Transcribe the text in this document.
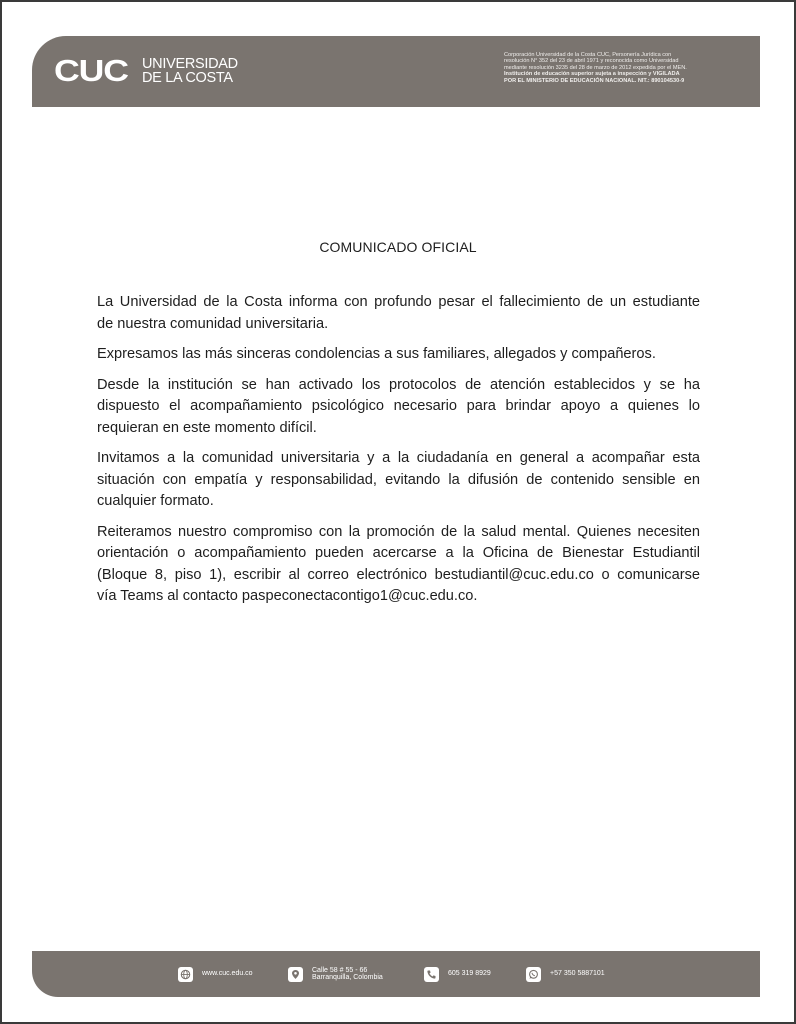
CUC UNIVERSIDAD
DE LA COSTA
Corporación Universidad de la Costa CUC, Personería Jurídica con
resolución N° 352 del 23 de abril 1971 y reconocida como Universidad
mediante resolución 3235 del 28 de marzo de 2012 expedida por el MEN.
Institución de educación superior sujeta a inspección y VIGILADA
POR EL MINISTERIO DE EDUCACIÓN NACIONAL. NIT.: 890104530-9
COMUNICADO OFICIAL

La Universidad de la Costa informa con profundo pesar el fallecimiento de un estudiante
de nuestra comunidad universitaria.

Expresamos las más sinceras condolencias a sus familiares, allegados y compañeros.

Desde la institución se han activado los protocolos de atención establecidos y se ha
dispuesto el acompañamiento psicológico necesario para brindar apoyo a quienes lo
requieran en este momento difícil.

Invitamos a la comunidad universitaria y a la ciudadanía en general a acompañar esta
situación con empatía y responsabilidad, evitando la difusión de contenido sensible en
cualquier formato.

Reiteramos nuestro compromiso con la promoción de la salud mental. Quienes necesiten
orientación o acompañamiento pueden acercarse a la Oficina de Bienestar Estudiantil
(Bloque 8, piso 1), escribir al correo electrónico bestudiantil@cuc.edu.co o comunicarse
vía Teams al contacto paspeconectacontigo1@cuc.edu.co.

www.cuc.edu.co
Calle 58 # 55 - 66
Barranquilla, Colombia
605 319 8929	+57 350 5887101
